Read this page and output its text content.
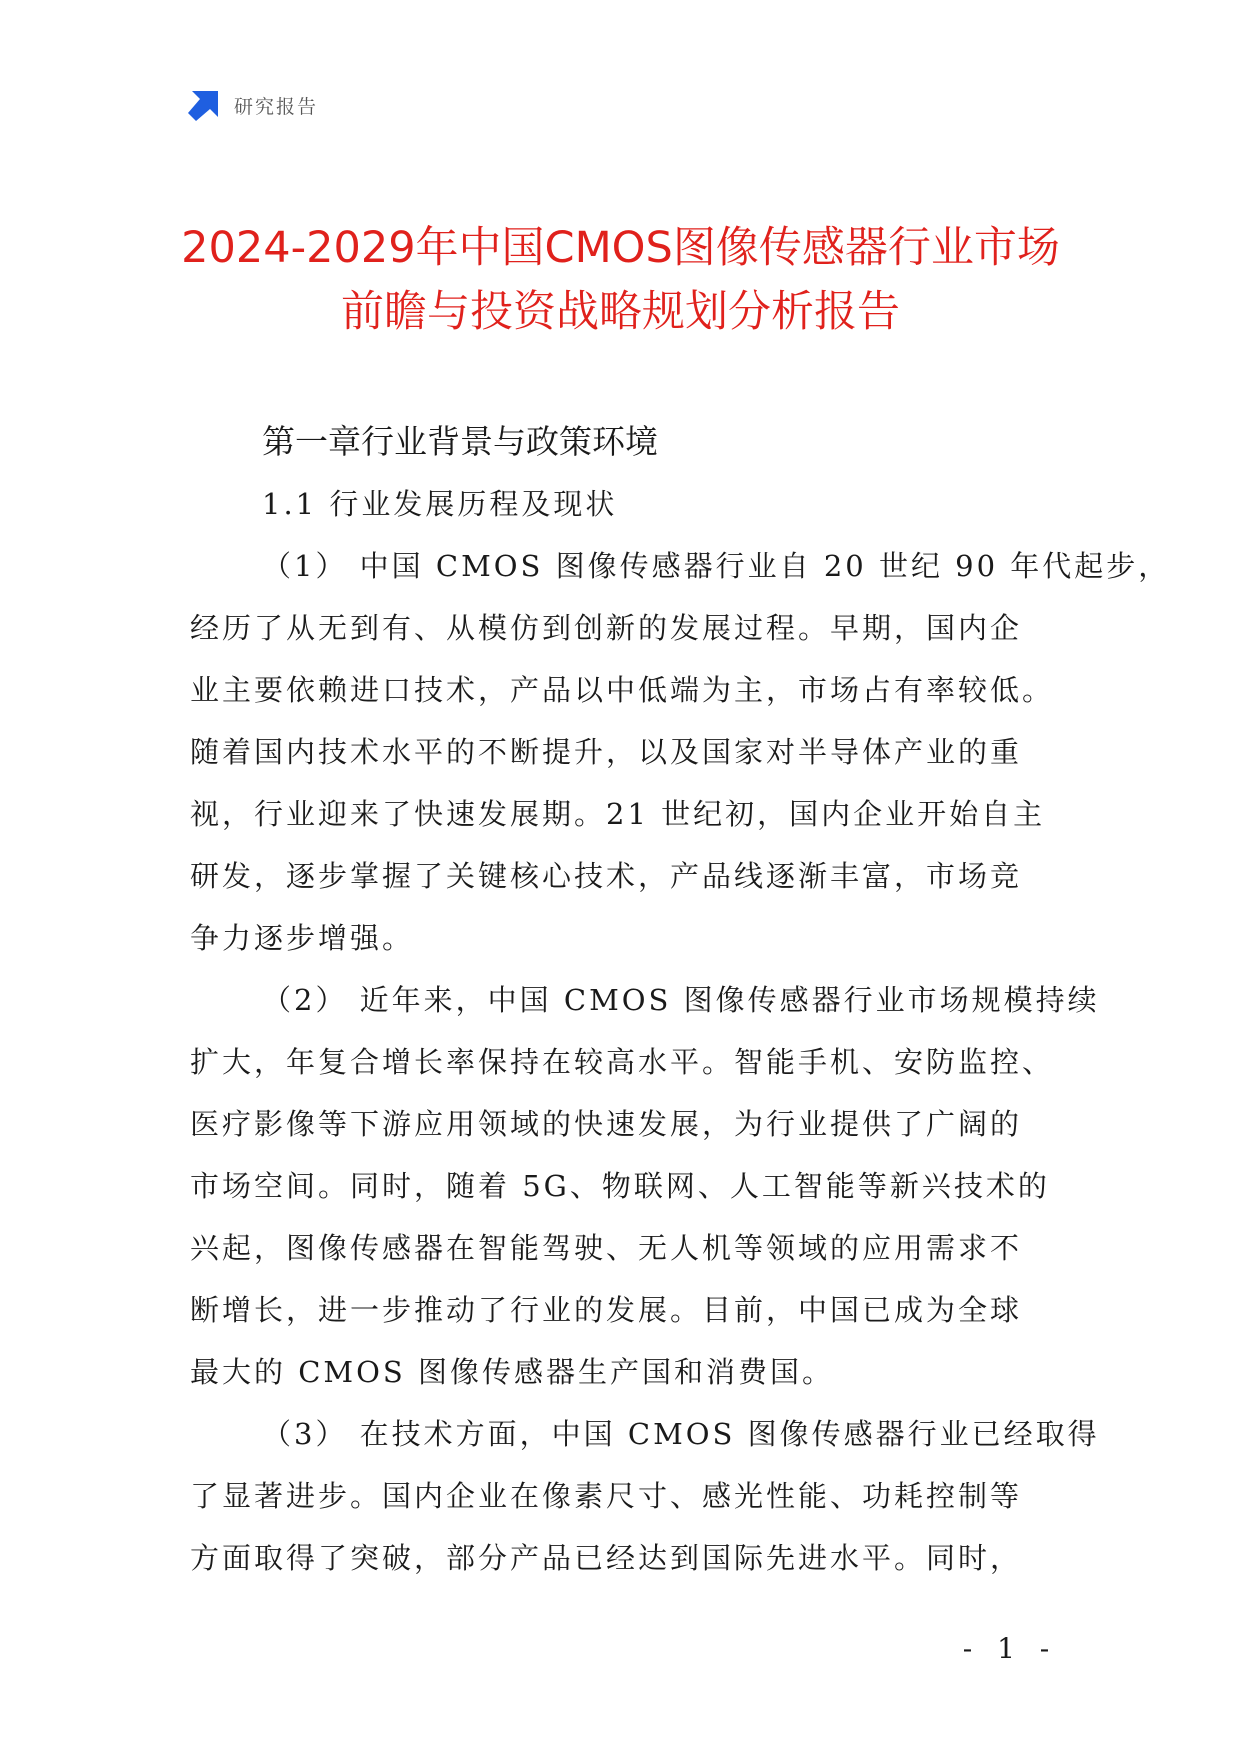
研究报告
2024-2029年中国CMOS图像传感器行业市场
前瞻与投资战略规划分析报告
第一章行业背景与政策环境
1.1 行业发展历程及现状

（1） 中国 CMOS 图像传感器行业自 20 世纪 90 年代起步，
经历了从无到有、从模仿到创新的发展过程。早期，国内企
业主要依赖进口技术，产品以中低端为主，市场占有率较低。
随着国内技术水平的不断提升，以及国家对半导体产业的重
视，行业迎来了快速发展期。21 世纪初，国内企业开始自主
研发，逐步掌握了关键核心技术，产品线逐渐丰富，市场竞
争力逐步增强。

（2） 近年来，中国 CMOS 图像传感器行业市场规模持续
扩大，年复合增长率保持在较高水平。智能手机、安防监控、
医疗影像等下游应用领域的快速发展，为行业提供了广阔的
市场空间。同时，随着 5G、物联网、人工智能等新兴技术的
兴起，图像传感器在智能驾驶、无人机等领域的应用需求不
断增长，进一步推动了行业的发展。目前，中国已成为全球
最大的 CMOS 图像传感器生产国和消费国。

（3） 在技术方面，中国 CMOS 图像传感器行业已经取得
了显著进步。国内企业在像素尺寸、感光性能、功耗控制等
方面取得了突破，部分产品已经达到国际先进水平。同时，

- 1 -
